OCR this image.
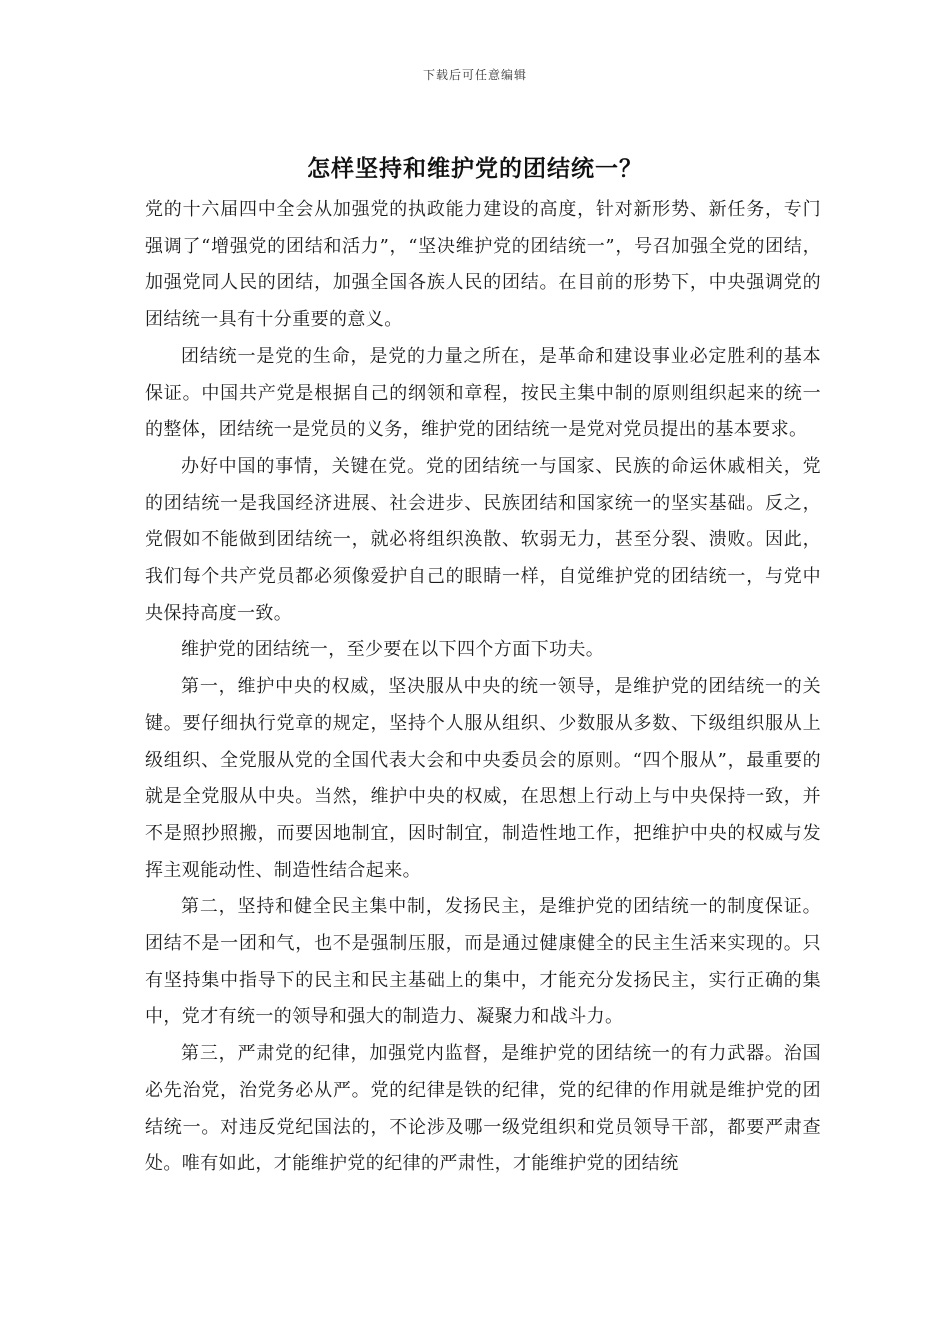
下载后可任意编辑
怎样坚持和维护党的团结统一？

党的十六届四中全会从加强党的执政能力建设的高度，针对新形势、新任务，专门强调了“增强党的团结和活力”，“坚决维护党的团结统一”，号召加强全党的团结，加强党同人民的团结，加强全国各族人民的团结。在目前的形势下，中央强调党的团结统一具有十分重要的意义。

团结统一是党的生命，是党的力量之所在，是革命和建设事业必定胜利的基本保证。中国共产党是根据自己的纲领和章程，按民主集中制的原则组织起来的统一的整体，团结统一是党员的义务，维护党的团结统一是党对党员提出的基本要求。

办好中国的事情，关键在党。党的团结统一与国家、民族的命运休戚相关，党的团结统一是我国经济进展、社会进步、民族团结和国家统一的坚实基础。反之，党假如不能做到团结统一，就必将组织涣散、软弱无力，甚至分裂、溃败。因此，我们每个共产党员都必须像爱护自己的眼睛一样，自觉维护党的团结统一，与党中央保持高度一致。

维护党的团结统一，至少要在以下四个方面下功夫。

第一，维护中央的权威，坚决服从中央的统一领导，是维护党的团结统一的关键。要仔细执行党章的规定，坚持个人服从组织、少数服从多数、下级组织服从上级组织、全党服从党的全国代表大会和中央委员会的原则。“四个服从”，最重要的就是全党服从中央。当然，维护中央的权威，在思想上行动上与中央保持一致，并不是照抄照搬，而要因地制宜，因时制宜，制造性地工作，把维护中央的权威与发挥主观能动性、制造性结合起来。

第二，坚持和健全民主集中制，发扬民主，是维护党的团结统一的制度保证。团结不是一团和气，也不是强制压服，而是通过健康健全的民主生活来实现的。只有坚持集中指导下的民主和民主基础上的集中，才能充分发扬民主，实行正确的集中，党才有统一的领导和强大的制造力、凝聚力和战斗力。

第三，严肃党的纪律，加强党内监督，是维护党的团结统一的有力武器。治国必先治党，治党务必从严。党的纪律是铁的纪律，党的纪律的作用就是维护党的团结统一。对违反党纪国法的，不论涉及哪一级党组织和党员领导干部，都要严肃查处。唯有如此，才能维护党的纪律的严肃性，才能维护党的团结统
